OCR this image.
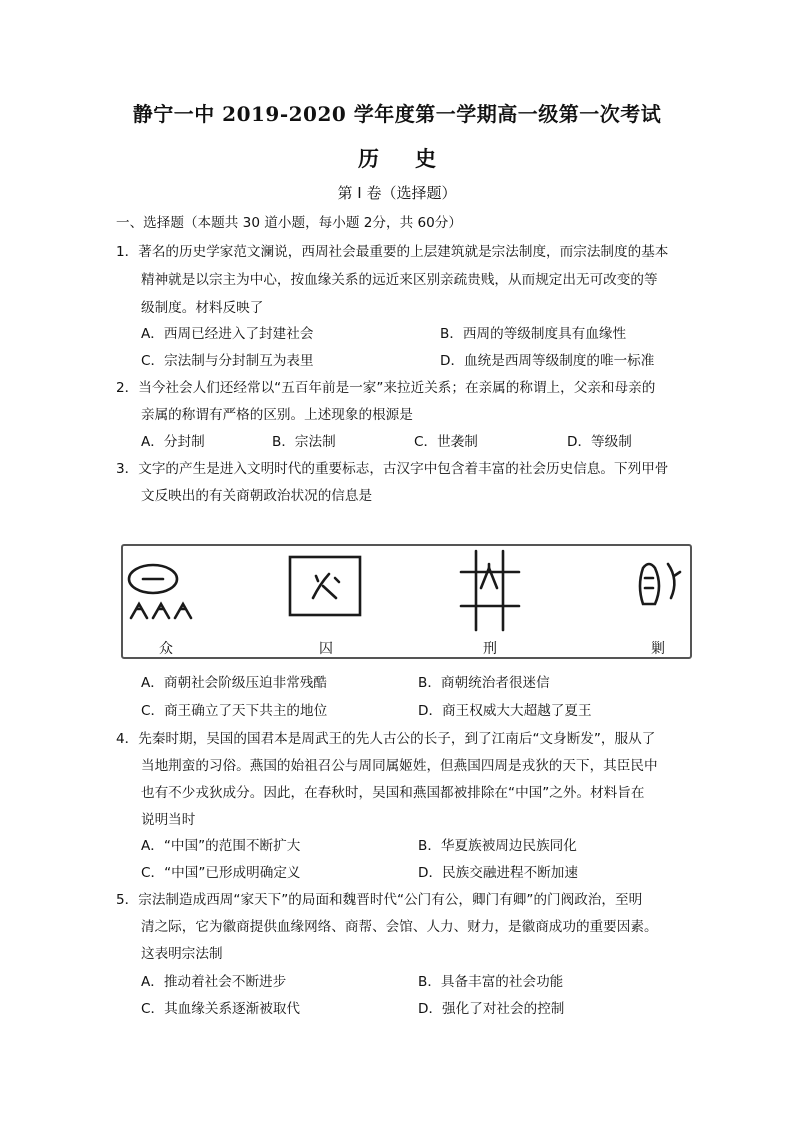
静宁一中 2019-2020 学年度第一学期高一级第一次考试
历 史
第 I 卷（选择题）
一、选择题（本题共 30 道小题，每小题 2分，共 60分）
1．著名的历史学家范文澜说，西周社会最重要的上层建筑就是宗法制度，而宗法制度的基本
精神就是以宗主为中心，按血缘关系的远近来区别亲疏贵贱，从而规定出无可改变的等
级制度。材料反映了
A．西周已经进入了封建社会	B．西周的等级制度具有血缘性
C．宗法制与分封制互为表里	D．血统是西周等级制度的唯一标准
2．当今社会人们还经常以“五百年前是一家”来拉近关系；在亲属的称谓上，父亲和母亲的
亲属的称谓有严格的区别。上述现象的根源是
A．分封制	B．宗法制	C．世袭制	D．等级制
3．文字的产生是进入文明时代的重要标志，古汉字中包含着丰富的社会历史信息。下列甲骨
文反映出的有关商朝政治状况的信息是
众	囚	刑	剿
A．商朝社会阶级压迫非常残酷	B．商朝统治者很迷信
C．商王确立了天下共主的地位	D．商王权威大大超越了夏王
4．先秦时期，吴国的国君本是周武王的先人古公的长子，到了江南后“文身断发”，服从了
当地荆蛮的习俗。燕国的始祖召公与周同属姬姓，但燕国四周是戎狄的天下，其臣民中
也有不少戎狄成分。因此，在春秋时，吴国和燕国都被排除在“中国”之外。材料旨在
说明当时
A．“中国”的范围不断扩大	B．华夏族被周边民族同化
C．“中国”已形成明确定义	D．民族交融进程不断加速
5．宗法制造成西周“家天下”的局面和魏晋时代“公门有公，卿门有卿”的门阀政治，至明
清之际，它为徽商提供血缘网络、商帮、会馆、人力、财力，是徽商成功的重要因素。
这表明宗法制
A．推动着社会不断进步	B．具备丰富的社会功能
C．其血缘关系逐渐被取代	D．强化了对社会的控制
